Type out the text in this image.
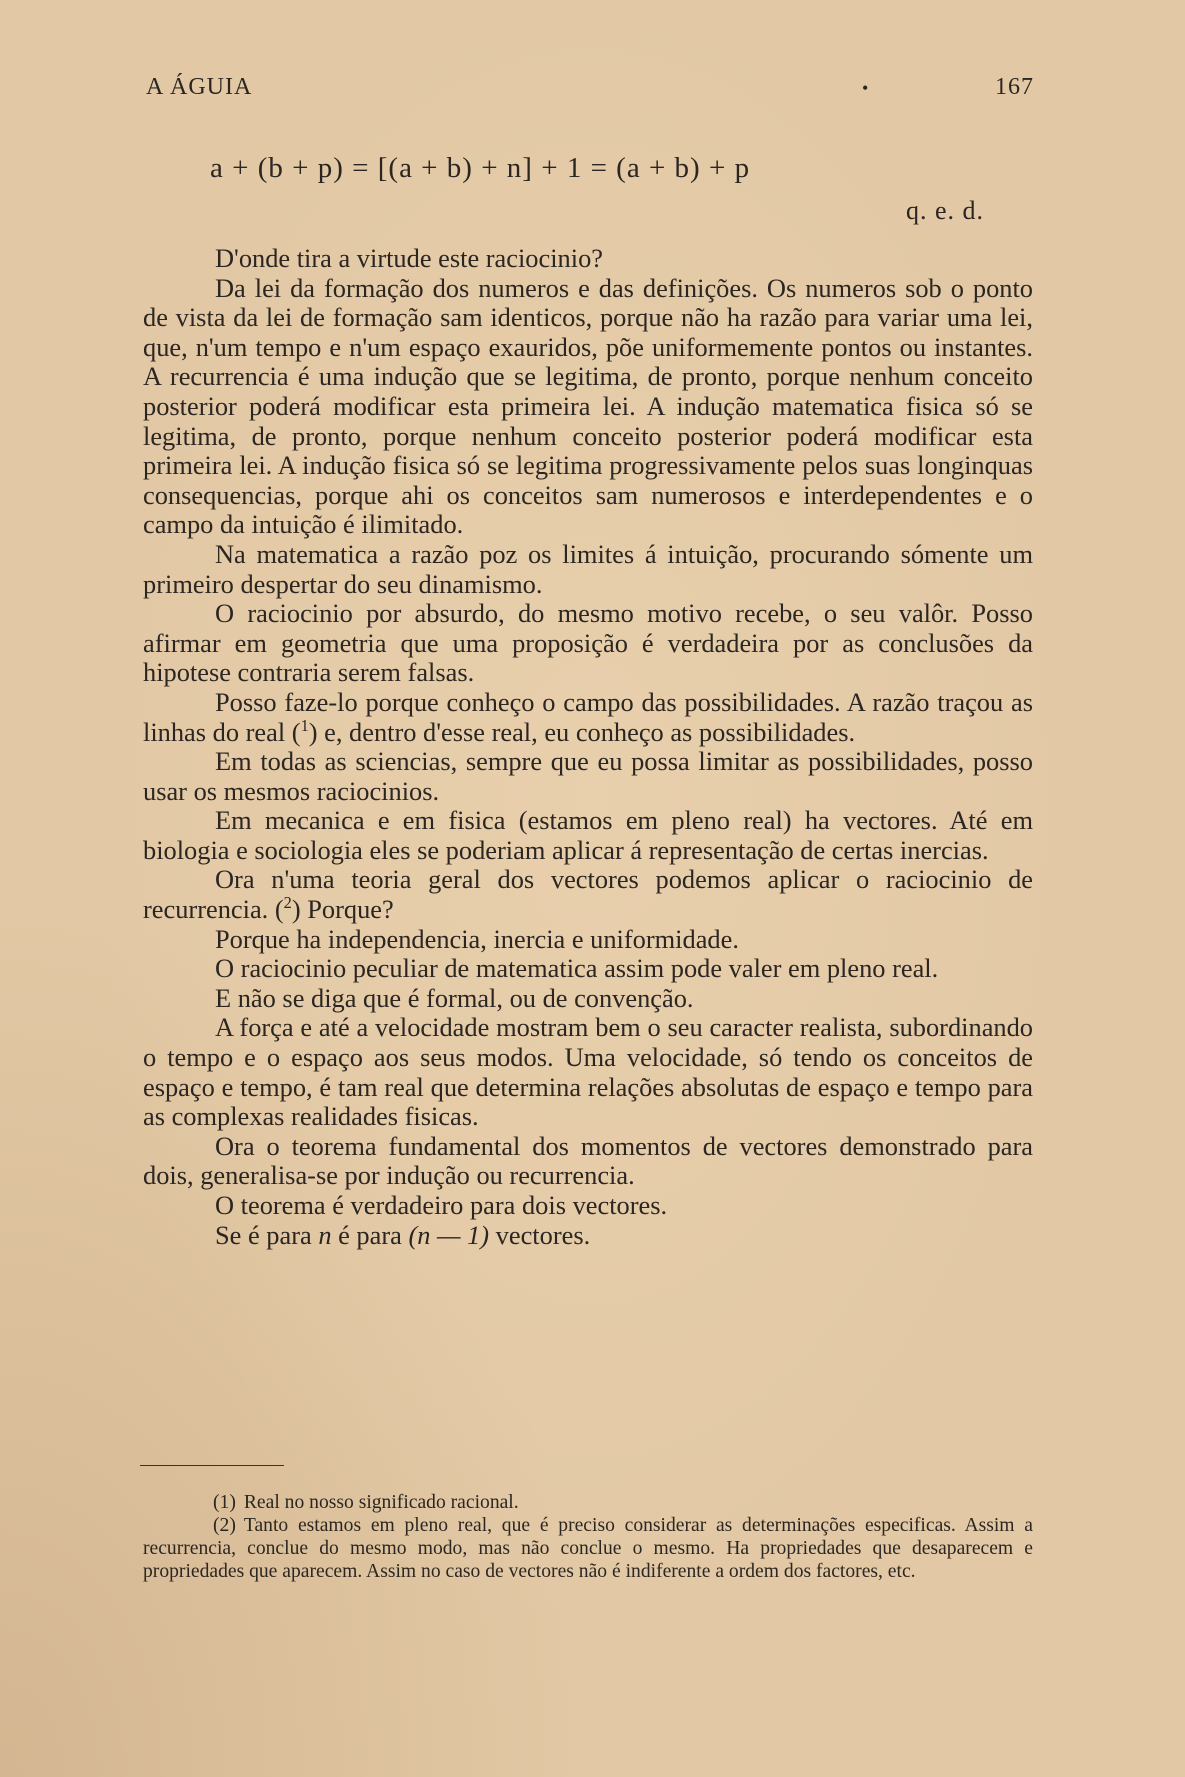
A ÁGUIA	•	167
a + (b + p) = [(a + b) + n] + 1 = (a + b) + p
q. e. d.

D'onde tira a virtude este raciocinio?

Da lei da formação dos numeros e das definições. Os numeros sob o ponto de vista da lei de formação sam identicos, porque não ha razão para variar uma lei, que, n'um tempo e n'um espaço exauridos, põe uniformemente pontos ou instantes. A recurrencia é uma indução que se legitima, de pronto, porque nenhum conceito posterior poderá modificar esta primeira lei. A indução matematica fisica só se legitima, de pronto, porque nenhum conceito posterior poderá modificar esta primeira lei. A indução fisica só se legitima progressivamente pelos suas longinquas consequencias, porque ahi os conceitos sam numerosos e interdependentes e o campo da intuição é ilimitado.

Na matematica a razão poz os limites á intuição, procurando sómente um primeiro despertar do seu dinamismo.

O raciocinio por absurdo, do mesmo motivo recebe, o seu valôr. Posso afirmar em geometria que uma proposição é verdadeira por as conclusões da hipotese contraria serem falsas.

Posso faze-lo porque conheço o campo das possibilidades. A razão traçou as linhas do real ($^1$) e, dentro d'esse real, eu conheço as possibilidades.

Em todas as sciencias, sempre que eu possa limitar as possibilidades, posso usar os mesmos raciocinios.

Em mecanica e em fisica (estamos em pleno real) ha vectores. Até em biologia e sociologia eles se poderiam aplicar á representação de certas inercias.

Ora n'uma teoria geral dos vectores podemos aplicar o raciocinio de recurrencia. ($^2$) Porque?

Porque ha independencia, inercia e uniformidade.

O raciocinio peculiar de matematica assim pode valer em pleno real.

E não se diga que é formal, ou de convenção.

A força e até a velocidade mostram bem o seu caracter realista, subordinando o tempo e o espaço aos seus modos. Uma velocidade, só tendo os conceitos de espaço e tempo, é tam real que determina relações absolutas de espaço e tempo para as complexas realidades fisicas.

Ora o teorema fundamental dos momentos de vectores demonstrado para dois, generalisa-se por indução ou recurrencia.

O teorema é verdadeiro para dois vectores.

Se é para n é para (n — 1) vectores.

(1) Real no nosso significado racional.

(2) Tanto estamos em pleno real, que é preciso considerar as determinações especificas. Assim a recurrencia, conclue do mesmo modo, mas não conclue o mesmo. Ha propriedades que desaparecem e propriedades que aparecem. Assim no caso de vectores não é indiferente a ordem dos factores, etc.
